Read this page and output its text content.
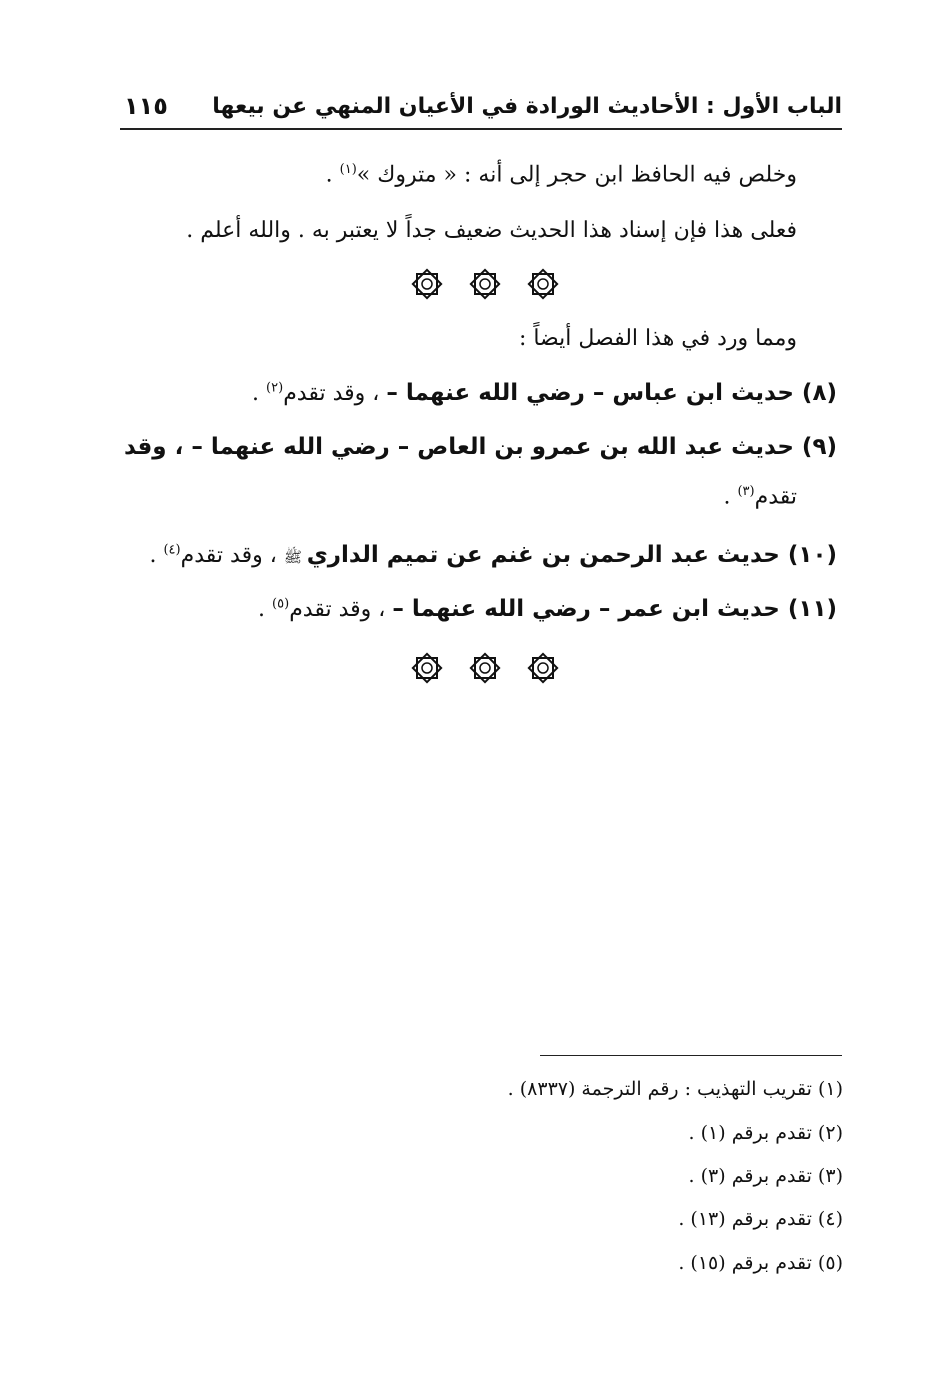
الباب الأول : الأحاديث الورادة في الأعيان المنهي عن بيعها
١١٥
وخلص فيه الحافظ ابن حجر إلى أنه : « متروك »$^{(١)}$ .
فعلى هذا فإن إسناد هذا الحديث ضعيف جداً لا يعتبر به . والله أعلم .
ومما ورد في هذا الفصل أيضاً :
(٨) حديث ابن عباس – رضي الله عنهما – ، وقد تقدم$^{(٢)}$ .
(٩) حديث عبد الله بن عمرو بن العاص – رضي الله عنهما – ، وقد
تقدم$^{(٣)}$ .
(١٠) حديث عبد الرحمن بن غنم عن تميم الداري ﷺ ، وقد تقدم$^{(٤)}$ .
(١١) حديث ابن عمر – رضي الله عنهما – ، وقد تقدم$^{(٥)}$ .
(١) تقريب التهذيب : رقم الترجمة (٨٣٣٧) .
(٢) تقدم برقم (١) .
(٣) تقدم برقم (٣) .
(٤) تقدم برقم (١٣) .
(٥) تقدم برقم (١٥) .
